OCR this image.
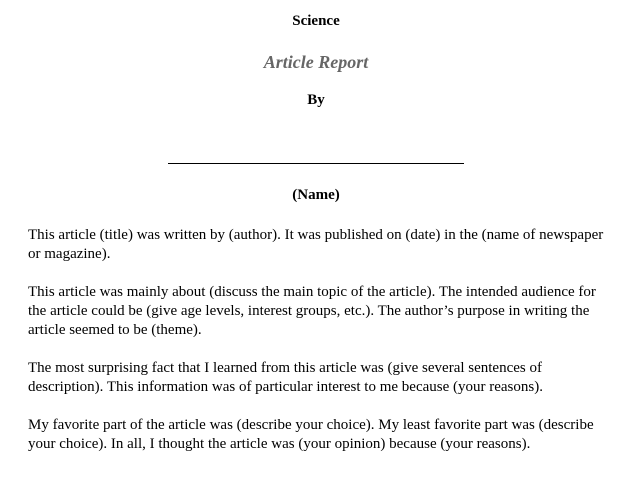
Science
Article Report
By
(Name)

This article (title) was written by (author). It was published on (date) in the (name of newspaper or magazine).

This article was mainly about (discuss the main topic of the article). The intended audience for the article could be (give age levels, interest groups, etc.). The author’s purpose in writing the article seemed to be (theme).

The most surprising fact that I learned from this article was (give several sentences of description). This information was of particular interest to me because (your reasons).

My favorite part of the article was (describe your choice). My least favorite part was (describe your choice). In all, I thought the article was (your opinion) because (your reasons).
